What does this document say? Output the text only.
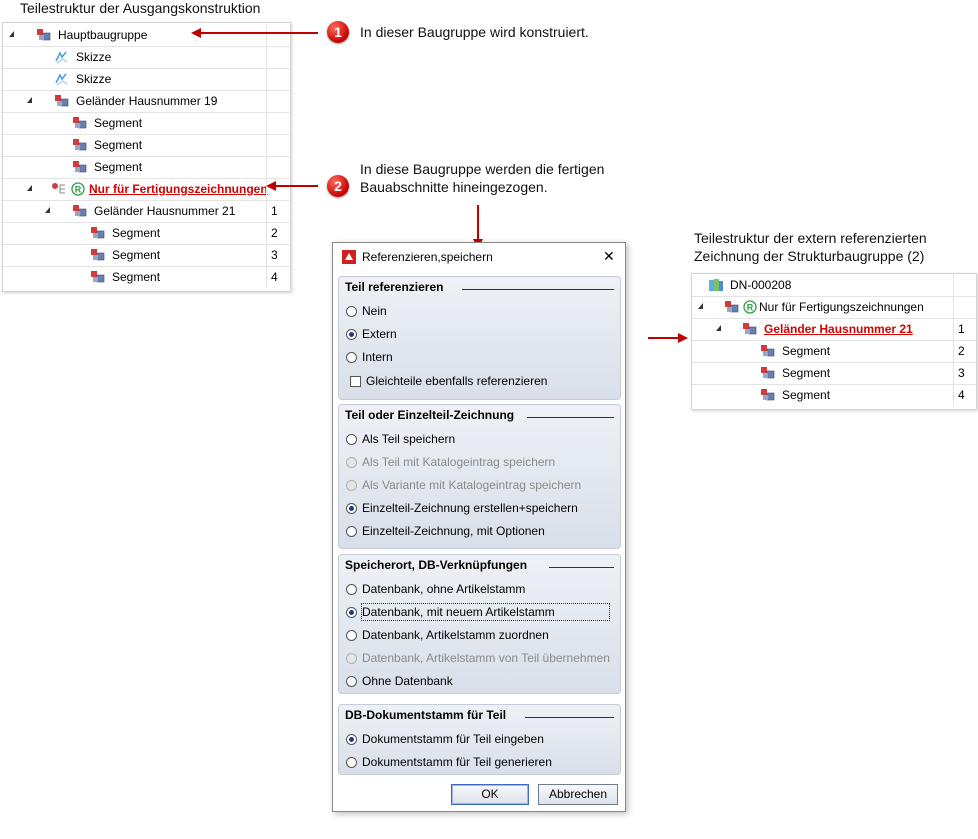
Teilestruktur der Ausgangskonstruktion
Hauptbaugruppe
Skizze
Skizze
Geländer Hausnummer 19
Segment
Segment
Segment
R Nur für Fertigungszeichnungen
Geländer Hausnummer 21	1
Segment	2
Segment	3
Segment	4
1	In dieser Baugruppe wird konstruiert.
2
In diese Baugruppe werden die fertigen
Bauabschnitte hineingezogen.
Teilestruktur der extern referenzierten
Zeichnung der Strukturbaugruppe (2)
DN-000208
R Nur für Fertigungszeichnungen
Geländer Hausnummer 21	1
Segment	2
Segment	3
Segment	4
Referenzieren,speichern	✕
Teil referenzieren
Nein
Extern
Intern
Gleichteile ebenfalls referenzieren
Teil oder Einzelteil-Zeichnung
Als Teil speichern
Als Teil mit Katalogeintrag speichern
Als Variante mit Katalogeintrag speichern
Einzelteil-Zeichnung erstellen+speichern
Einzelteil-Zeichnung, mit Optionen
Speicherort, DB-Verknüpfungen
Datenbank, ohne Artikelstamm
Datenbank, mit neuem Artikelstamm
Datenbank, Artikelstamm zuordnen
Datenbank, Artikelstamm von Teil übernehmen
Ohne Datenbank
DB-Dokumentstamm für Teil
Dokumentstamm für Teil eingeben
Dokumentstamm für Teil generieren
OK	Abbrechen
